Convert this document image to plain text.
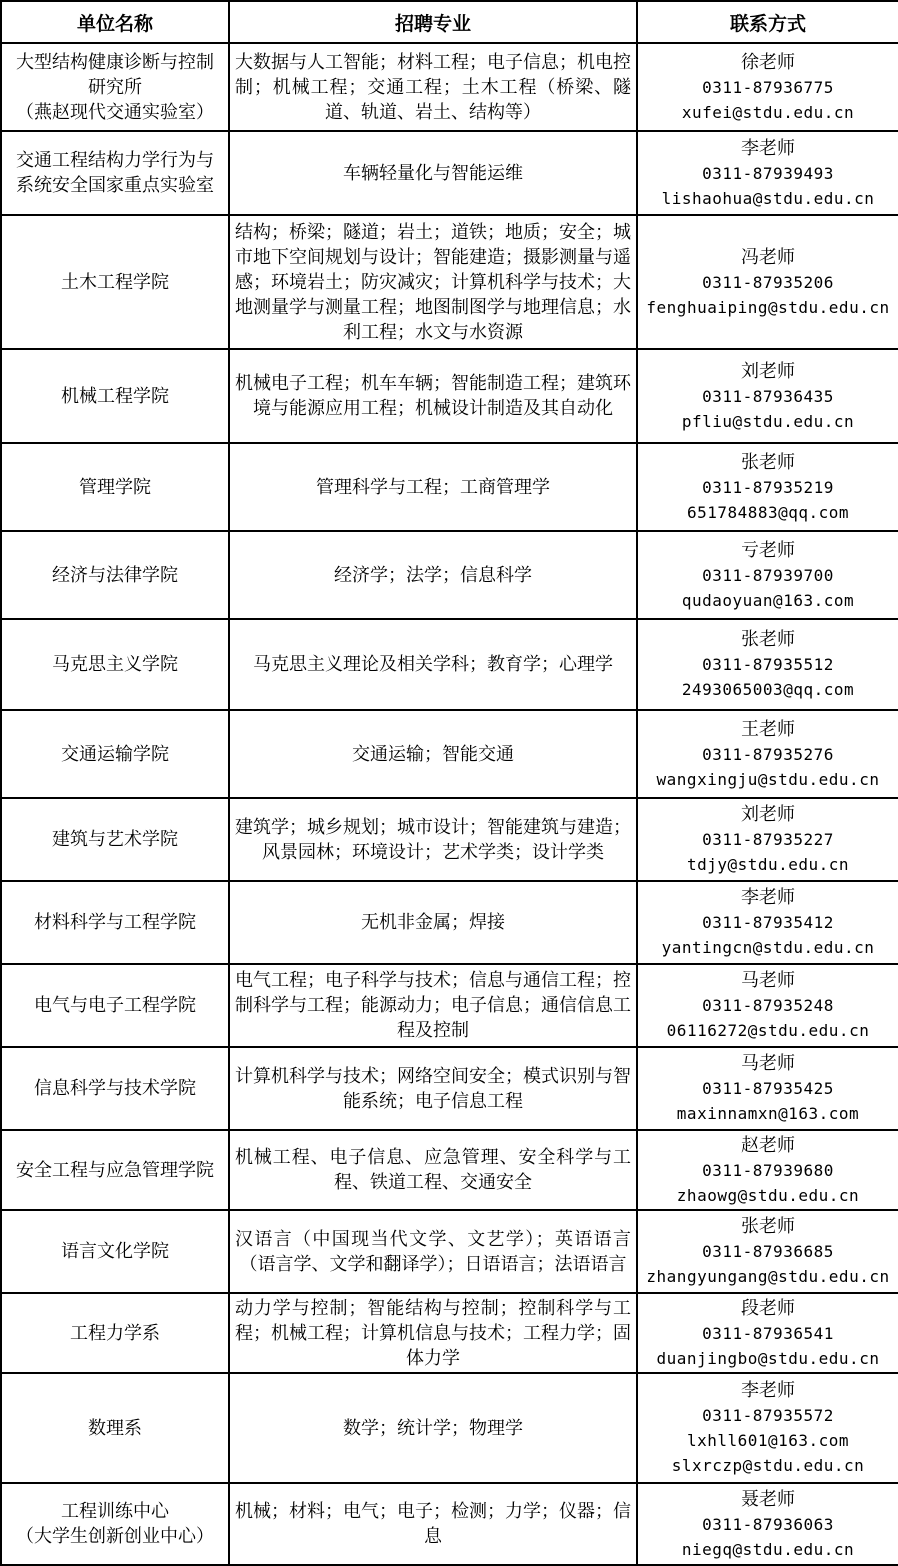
单位名称	招聘专业	联系方式

大型结构健康诊断与控制
研究所
（燕赵现代交通实验室）	大数据与人工智能；材料工程；电子信息；机电控制；机械工程；交通工程；土木工程（桥梁、隧道、轨道、岩土、结构等）	徐老师
0311-87936775
xufei@stdu.edu.cn

交通工程结构力学行为与
系统安全国家重点实验室	车辆轻量化与智能运维	李老师
0311-87939493
lishaohua@stdu.edu.cn

土木工程学院	结构；桥梁；隧道；岩土；道铁；地质；安全；城市地下空间规划与设计；智能建造；摄影测量与遥感；环境岩土；防灾减灾；计算机科学与技术；大地测量学与测量工程；地图制图学与地理信息；水利工程；水文与水资源	冯老师
0311-87935206
fenghuaiping@stdu.edu.cn

机械工程学院	机械电子工程；机车车辆；智能制造工程；建筑环境与能源应用工程；机械设计制造及其自动化	刘老师
0311-87936435
pfliu@stdu.edu.cn

管理学院	管理科学与工程；工商管理学	张老师
0311-87935219
651784883@qq.com

经济与法律学院	经济学；法学；信息科学	亏老师
0311-87939700
qudaoyuan@163.com

马克思主义学院	马克思主义理论及相关学科；教育学；心理学	张老师
0311-87935512
2493065003@qq.com

交通运输学院	交通运输；智能交通	王老师
0311-87935276
wangxingju@stdu.edu.cn

建筑与艺术学院	建筑学；城乡规划；城市设计；智能建筑与建造；风景园林；环境设计；艺术学类；设计学类	刘老师
0311-87935227
tdjy@stdu.edu.cn

材料科学与工程学院	无机非金属；焊接	李老师
0311-87935412
yantingcn@stdu.edu.cn

电气与电子工程学院	电气工程；电子科学与技术；信息与通信工程；控制科学与工程；能源动力；电子信息；通信信息工程及控制	马老师
0311-87935248
06116272@stdu.edu.cn

信息科学与技术学院	计算机科学与技术；网络空间安全；模式识别与智能系统；电子信息工程	马老师
0311-87935425
maxinnamxn@163.com

安全工程与应急管理学院	机械工程、电子信息、应急管理、安全科学与工程、铁道工程、交通安全	赵老师
0311-87939680
zhaowg@stdu.edu.cn

语言文化学院	汉语言（中国现当代文学、文艺学）；英语语言（语言学、文学和翻译学）；日语语言；法语语言	张老师
0311-87936685
zhangyungang@stdu.edu.cn

工程力学系	动力学与控制；智能结构与控制；控制科学与工程；机械工程；计算机信息与技术；工程力学；固体力学	段老师
0311-87936541
duanjingbo@stdu.edu.cn

数理系	数学；统计学；物理学	李老师
0311-87935572
lxhll601@163.com
slxrczp@stdu.edu.cn

工程训练中心
（大学生创新创业中心）	机械；材料；电气；电子；检测；力学；仪器；信息	聂老师
0311-87936063
niegq@stdu.edu.cn
